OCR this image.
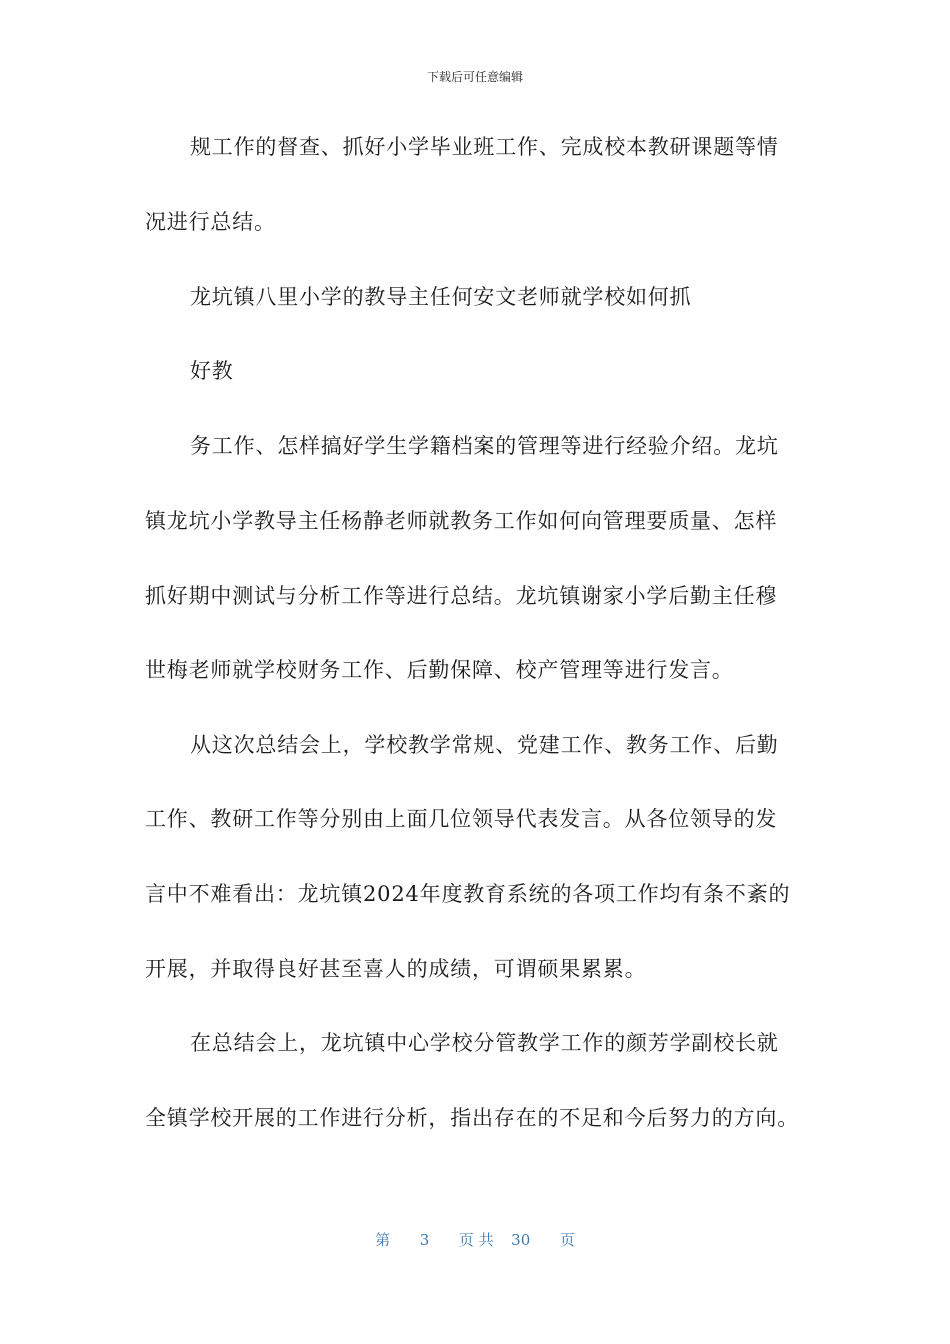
下载后可任意编辑
规工作的督查、抓好小学毕业班工作、完成校本教研课题等情
况进行总结。
龙坑镇八里小学的教导主任何安文老师就学校如何抓
好教
务工作、怎样搞好学生学籍档案的管理等进行经验介绍。龙坑
镇龙坑小学教导主任杨静老师就教务工作如何向管理要质量、怎样
抓好期中测试与分析工作等进行总结。龙坑镇谢家小学后勤主任穆
世梅老师就学校财务工作、后勤保障、校产管理等进行发言。
从这次总结会上，学校教学常规、党建工作、教务工作、后勤
工作、教研工作等分别由上面几位领导代表发言。从各位领导的发
言中不难看出：龙坑镇2024年度教育系统的各项工作均有条不紊的
开展，并取得良好甚至喜人的成绩，可谓硕果累累。
在总结会上，龙坑镇中心学校分管教学工作的颜芳学副校长就
全镇学校开展的工作进行分析，指出存在的不足和今后努力的方向。
第 3 页 共 30 页
